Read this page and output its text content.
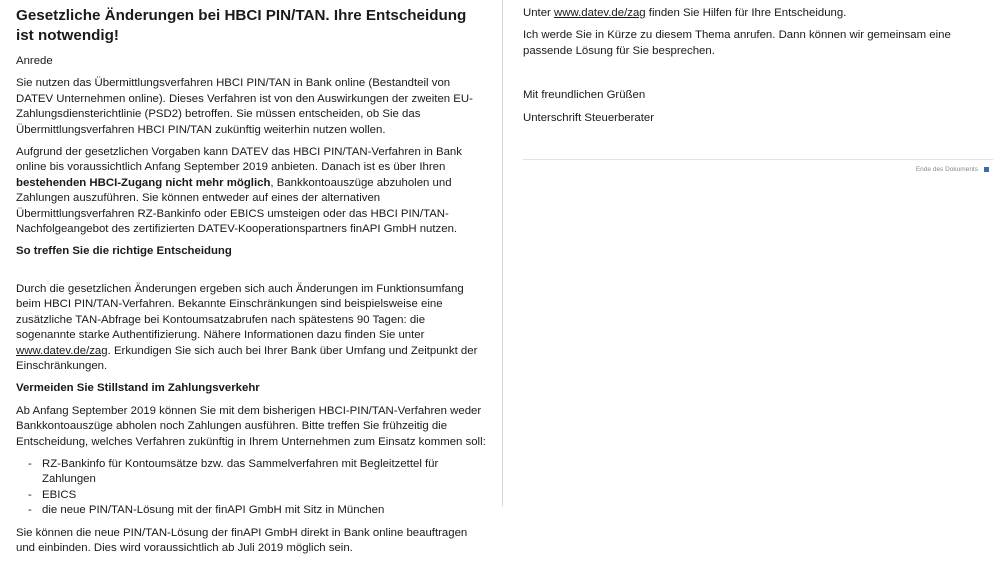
Gesetzliche Änderungen bei HBCI PIN/TAN. Ihre Entscheidung ist notwendig!

Anrede

Sie nutzen das Übermittlungsverfahren HBCI PIN/TAN in Bank online (Bestandteil von DATEV Unternehmen online). Dieses Verfahren ist von den Auswirkungen der zweiten EU-Zahlungsdiensterichtlinie (PSD2) betroffen. Sie müssen entscheiden, ob Sie das Übermittlungsverfahren HBCI PIN/TAN zukünftig weiterhin nutzen wollen.

Aufgrund der gesetzlichen Vorgaben kann DATEV das HBCI PIN/TAN-Verfahren in Bank online bis voraussichtlich Anfang September 2019 anbieten. Danach ist es über Ihren bestehenden HBCI-Zugang nicht mehr möglich, Bankkontoauszüge abzuholen und Zahlungen auszuführen. Sie können entweder auf eines der alternativen Übermittlungsverfahren RZ-Bankinfo oder EBICS umsteigen oder das HBCI PIN/TAN-Nachfolgeangebot des zertifizierten DATEV-Kooperationspartners finAPI GmbH nutzen.

So treffen Sie die richtige Entscheidung

Durch die gesetzlichen Änderungen ergeben sich auch Änderungen im Funktionsumfang beim HBCI PIN/TAN-Verfahren. Bekannte Einschränkungen sind beispielsweise eine zusätzliche TAN-Abfrage bei Kontoumsatzabrufen nach spätestens 90 Tagen: die sogenannte starke Authentifizierung. Nähere Informationen dazu finden Sie unter www.datev.de/zag. Erkundigen Sie sich auch bei Ihrer Bank über Umfang und Zeitpunkt der Einschränkungen.

Vermeiden Sie Stillstand im Zahlungsverkehr

Ab Anfang September 2019 können Sie mit dem bisherigen HBCI-PIN/TAN-Verfahren weder Bankkontoauszüge abholen noch Zahlungen ausführen. Bitte treffen Sie frühzeitig die Entscheidung, welches Verfahren zukünftig in Ihrem Unternehmen zum Einsatz kommen soll:

- RZ-Bankinfo für Kontoumsätze bzw. das Sammelverfahren mit Begleitzettel für Zahlungen
- EBICS
- die neue PIN/TAN-Lösung mit der finAPI GmbH mit Sitz in München

Sie können die neue PIN/TAN-Lösung der finAPI GmbH direkt in Bank online beauftragen und einbinden. Dies wird voraussichtlich ab Juli 2019 möglich sein.

Unter www.datev.de/zag finden Sie Hilfen für Ihre Entscheidung.

Ich werde Sie in Kürze zu diesem Thema anrufen. Dann können wir gemeinsam eine passende Lösung für Sie besprechen.

Mit freundlichen Grüßen

Unterschrift Steuerberater

Ende des Dokuments
